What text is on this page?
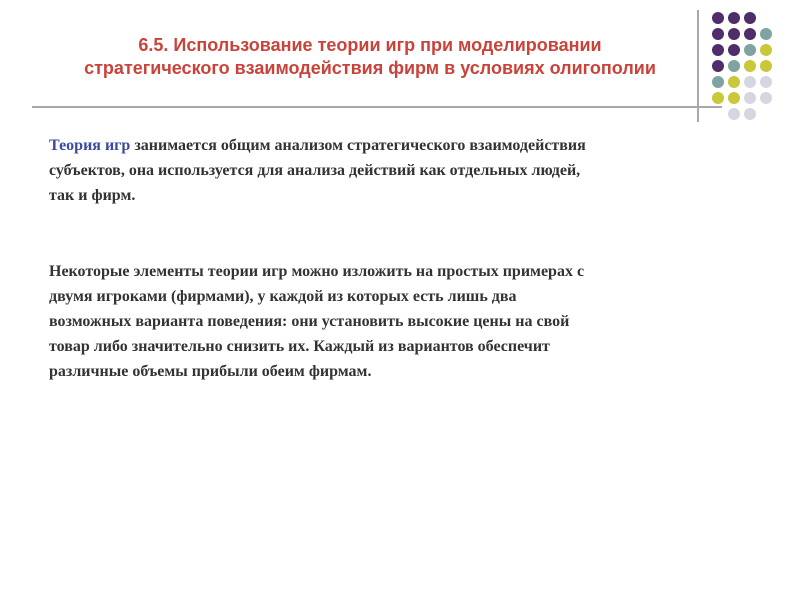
6.5. Использование теории игр при моделировании
стратегического взаимодействия фирм в условиях олигополии
Теория игр занимается общим анализом стратегического взаимодействия
субъектов, она используется для анализа действий как отдельных людей,
так и фирм.
Некоторые элементы теории игр можно изложить на простых примерах с
двумя игроками (фирмами), у каждой из которых есть лишь два
возможных варианта поведения: они установить высокие цены на свой
товар либо значительно снизить их. Каждый из вариантов обеспечит
различные объемы прибыли обеим фирмам.
